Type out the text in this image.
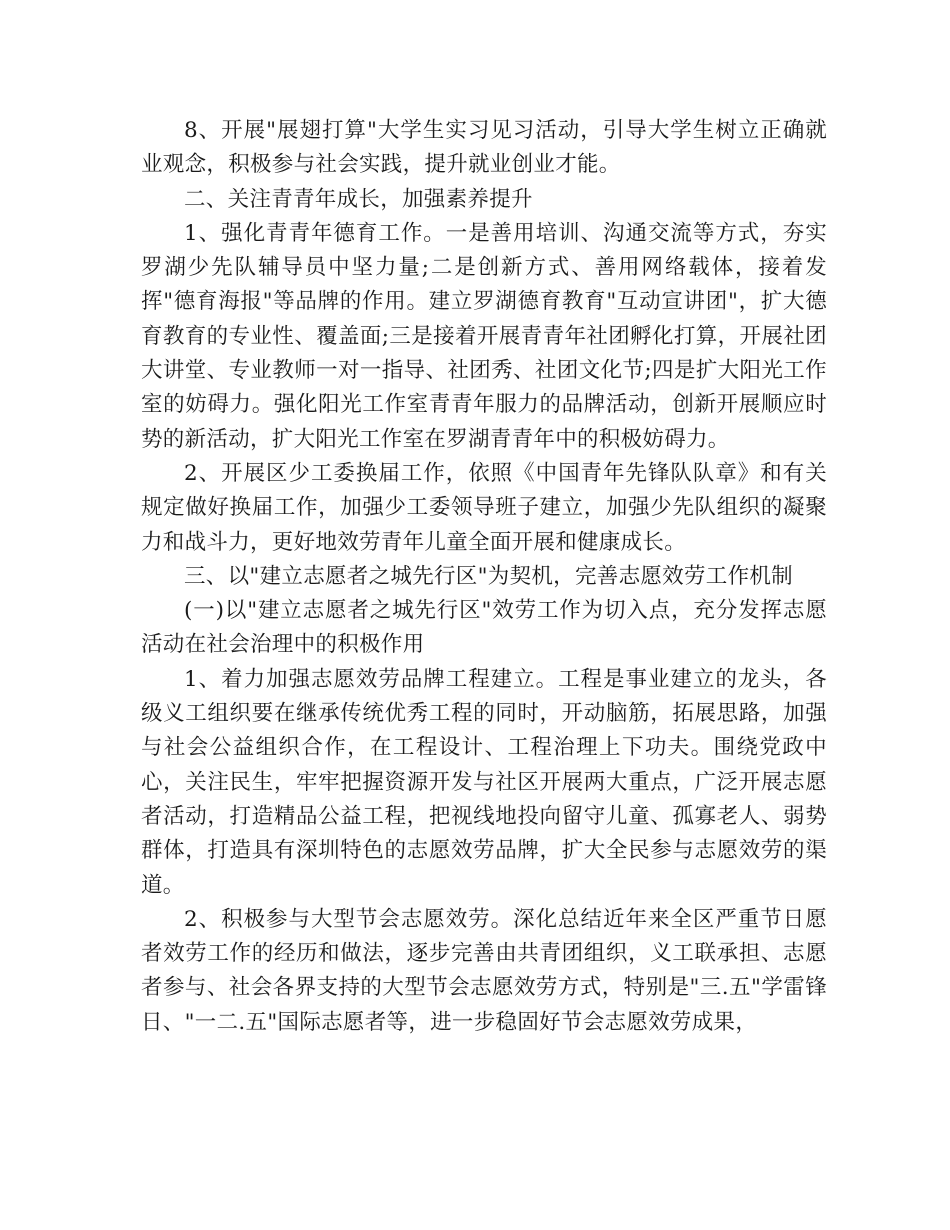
8、开展"展翅打算"大学生实习见习活动，引导大学生树立正确就业观念，积极参与社会实践，提升就业创业才能。

二、关注青青年成长，加强素养提升

1、强化青青年德育工作。一是善用培训、沟通交流等方式，夯实罗湖少先队辅导员中坚力量;二是创新方式、善用网络载体，接着发挥"德育海报"等品牌的作用。建立罗湖德育教育"互动宣讲团"，扩大德育教育的专业性、覆盖面;三是接着开展青青年社团孵化打算，开展社团大讲堂、专业教师一对一指导、社团秀、社团文化节;四是扩大阳光工作室的妨碍力。强化阳光工作室青青年服力的品牌活动，创新开展顺应时势的新活动，扩大阳光工作室在罗湖青青年中的积极妨碍力。

2、开展区少工委换届工作，依照《中国青年先锋队队章》和有关规定做好换届工作，加强少工委领导班子建立，加强少先队组织的凝聚力和战斗力，更好地效劳青年儿童全面开展和健康成长。

三、以"建立志愿者之城先行区"为契机，完善志愿效劳工作机制

(一)以"建立志愿者之城先行区"效劳工作为切入点，充分发挥志愿活动在社会治理中的积极作用

1、着力加强志愿效劳品牌工程建立。工程是事业建立的龙头，各级义工组织要在继承传统优秀工程的同时，开动脑筋，拓展思路，加强与社会公益组织合作，在工程设计、工程治理上下功夫。围绕党政中心，关注民生，牢牢把握资源开发与社区开展两大重点，广泛开展志愿者活动，打造精品公益工程，把视线地投向留守儿童、孤寡老人、弱势群体，打造具有深圳特色的志愿效劳品牌，扩大全民参与志愿效劳的渠道。

2、积极参与大型节会志愿效劳。深化总结近年来全区严重节日愿者效劳工作的经历和做法，逐步完善由共青团组织，义工联承担、志愿者参与、社会各界支持的大型节会志愿效劳方式，特别是"三.五"学雷锋日、"一二.五"国际志愿者等，进一步稳固好节会志愿效劳成果，
